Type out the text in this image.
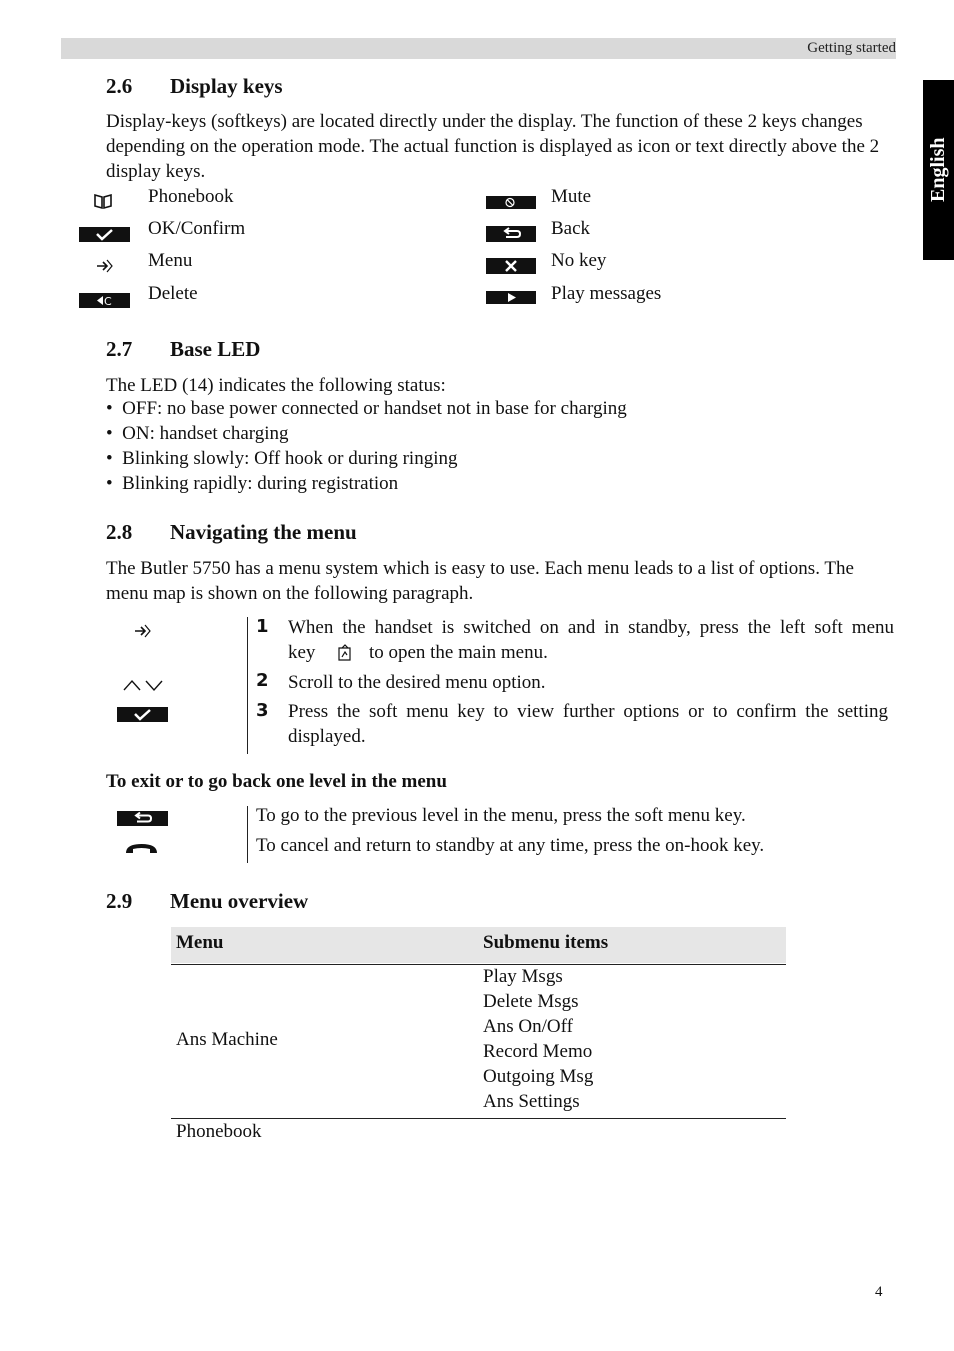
Getting started
English
2.6 Display keys
Display-keys (softkeys) are located directly under the display. The function of these 2 keys changes depending on the operation mode. The actual function is displayed as icon or text directly above the 2 display keys.
Phonebook
OK/Confirm
Menu
C Delete
Mute
Back
No key
Play messages
2.7 Base LED
The LED (14) indicates the following status:
•  OFF: no base power connected or handset not in base for charging
•  ON: handset charging
•  Blinking slowly: Off hook or during ringing
•  Blinking rapidly: during registration
2.8 Navigating the menu
The Butler 5750 has a menu system which is easy to use. Each menu leads to a list of options. The menu map is shown on the following paragraph.
1 When the handset is switched on and in standby, press the left soft menu
key	to open the main menu.
2 Scroll to the desired menu option.
3 Press the soft menu key to view further options or to confirm the setting
displayed.
To exit or to go back one level in the menu
To go to the previous level in the menu, press the soft menu key.
To cancel and return to standby at any time, press the on-hook key.
2.9 Menu overview
Menu	Submenu items
Ans Machine
Play Msgs
Delete Msgs
Ans On/Off
Record Memo
Outgoing Msg
Ans Settings
Phonebook
4
